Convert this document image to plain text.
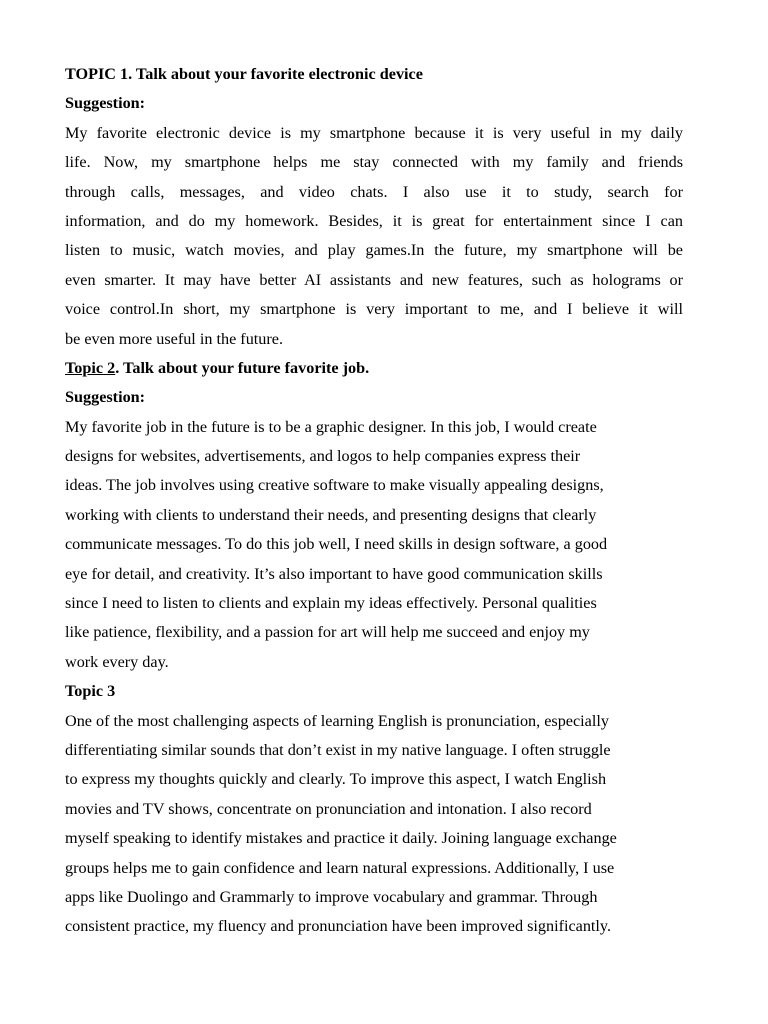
TOPIC 1. Talk about your favorite electronic device
Suggestion:
My favorite electronic device is my smartphone because it is very useful in my daily
life. Now, my smartphone helps me stay connected with my family and friends
through calls, messages, and video chats. I also use it to study, search for
information, and do my homework. Besides, it is great for entertainment since I can
listen to music, watch movies, and play games.In the future, my smartphone will be
even smarter. It may have better AI assistants and new features, such as holograms or
voice control.In short, my smartphone is very important to me, and I believe it will
be even more useful in the future.
Topic 2. Talk about your future favorite job.
Suggestion:
My favorite job in the future is to be a graphic designer. In this job, I would create
designs for websites, advertisements, and logos to help companies express their
ideas. The job involves using creative software to make visually appealing designs,
working with clients to understand their needs, and presenting designs that clearly
communicate messages. To do this job well, I need skills in design software, a good
eye for detail, and creativity. It’s also important to have good communication skills
since I need to listen to clients and explain my ideas effectively. Personal qualities
like patience, flexibility, and a passion for art will help me succeed and enjoy my
work every day.
Topic 3
One of the most challenging aspects of learning English is pronunciation, especially
differentiating similar sounds that don’t exist in my native language. I often struggle
to express my thoughts quickly and clearly. To improve this aspect, I watch English
movies and TV shows, concentrate on pronunciation and intonation. I also record
myself speaking to identify mistakes and practice it daily. Joining language exchange
groups helps me to gain confidence and learn natural expressions. Additionally, I use
apps like Duolingo and Grammarly to improve vocabulary and grammar. Through
consistent practice, my fluency and pronunciation have been improved significantly.
